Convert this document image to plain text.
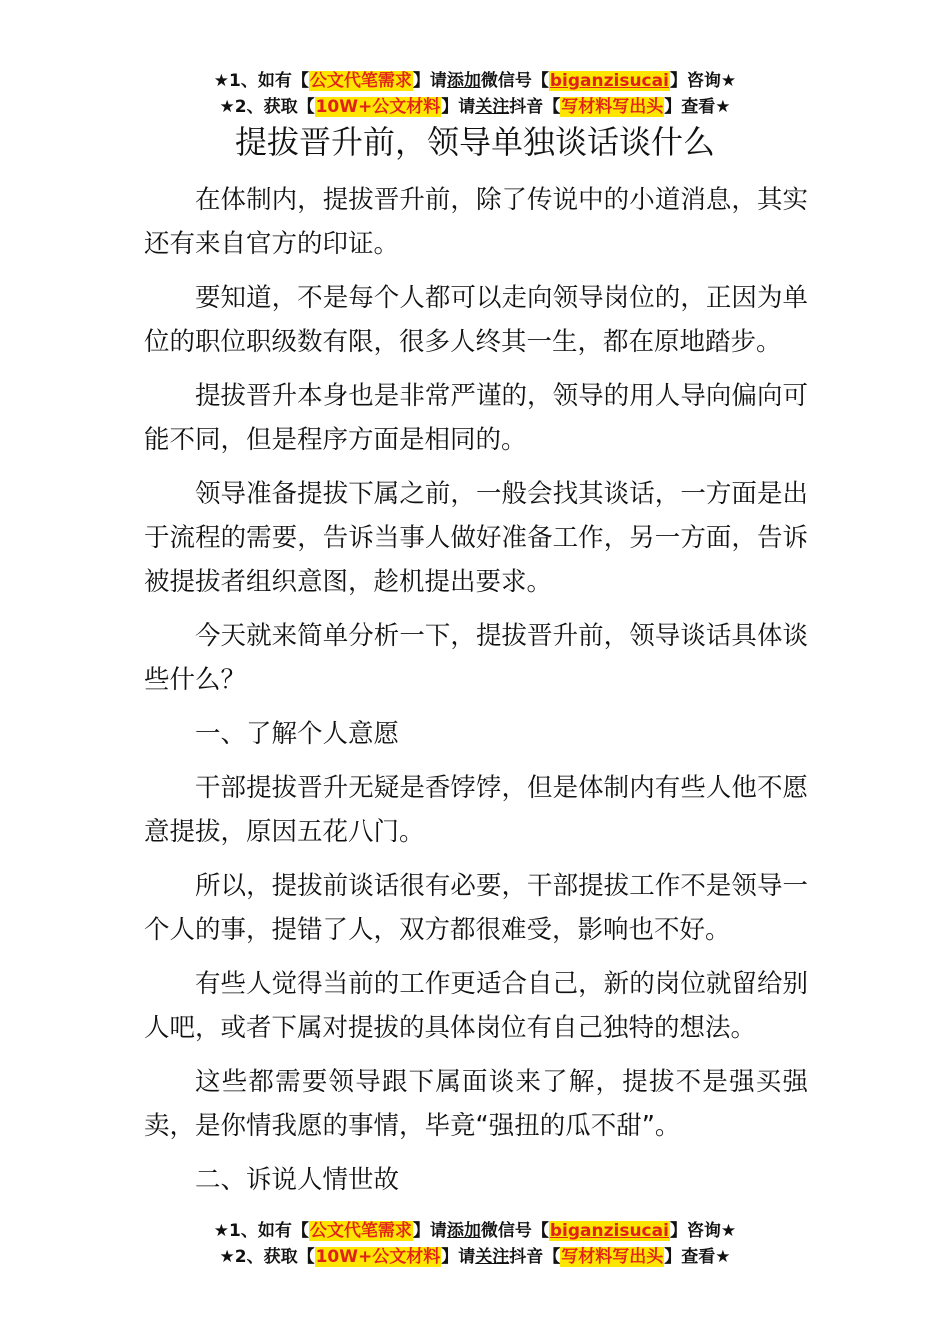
★1、如有【公文代笔需求】请添加微信号【biganzisucai】咨询★
★2、获取【10W+公文材料】请关注抖音【写材料写出头】查看★
提拔晋升前，领导单独谈话谈什么

在体制内，提拔晋升前，除了传说中的小道消息，其实还有来自官方的印证。

要知道，不是每个人都可以走向领导岗位的，正因为单位的职位职级数有限，很多人终其一生，都在原地踏步。

提拔晋升本身也是非常严谨的，领导的用人导向偏向可能不同，但是程序方面是相同的。

领导准备提拔下属之前，一般会找其谈话，一方面是出于流程的需要，告诉当事人做好准备工作，另一方面，告诉被提拔者组织意图，趁机提出要求。

今天就来简单分析一下，提拔晋升前，领导谈话具体谈些什么？

一、了解个人意愿

干部提拔晋升无疑是香饽饽，但是体制内有些人他不愿意提拔，原因五花八门。

所以，提拔前谈话很有必要，干部提拔工作不是领导一个人的事，提错了人，双方都很难受，影响也不好。

有些人觉得当前的工作更适合自己，新的岗位就留给别人吧，或者下属对提拔的具体岗位有自己独特的想法。

这些都需要领导跟下属面谈来了解，提拔不是强买强卖，是你情我愿的事情，毕竟“强扭的瓜不甜”。

二、诉说人情世故

★1、如有【公文代笔需求】请添加微信号【biganzisucai】咨询★
★2、获取【10W+公文材料】请关注抖音【写材料写出头】查看★
